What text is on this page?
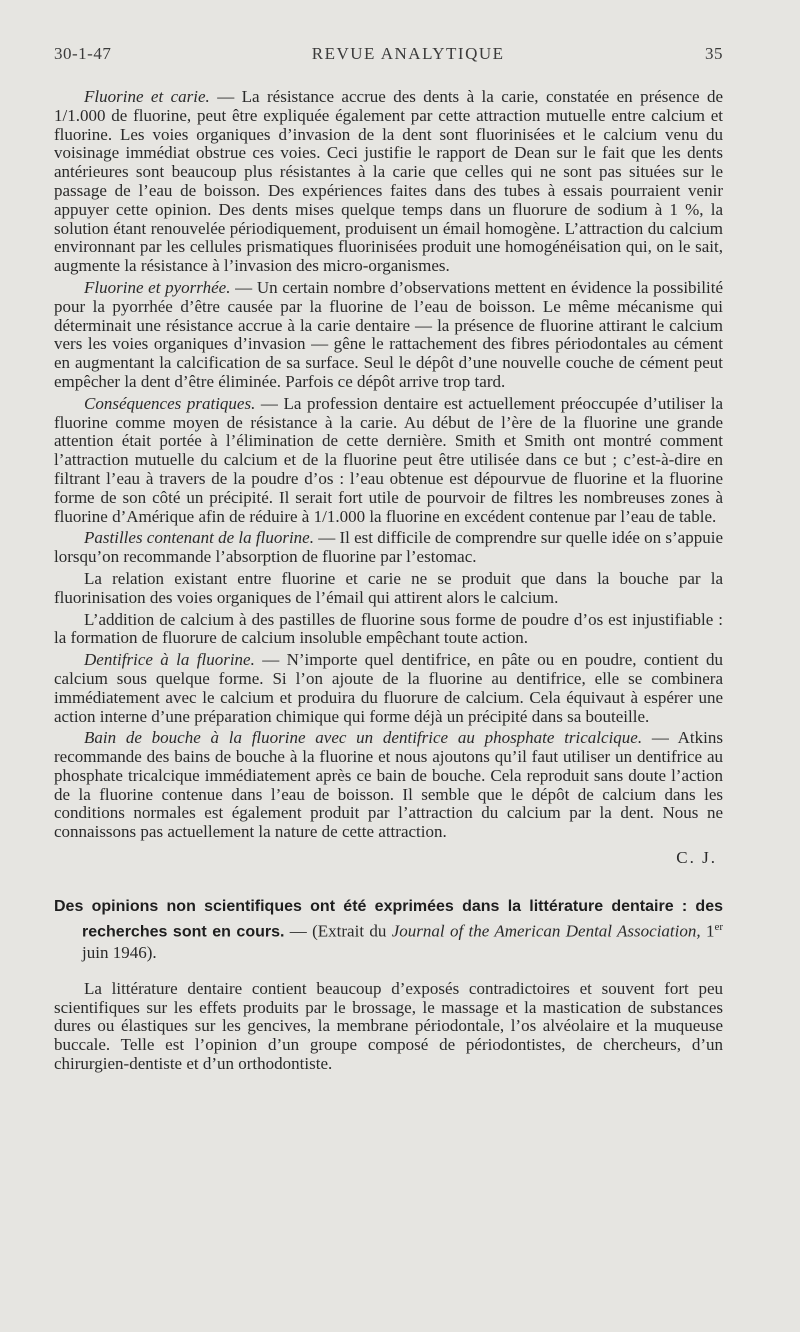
30-1-47	REVUE ANALYTIQUE	35

Fluorine et carie. — La résistance accrue des dents à la carie, constatée en présence de 1/1.000 de fluorine, peut être expliquée également par cette attraction mutuelle entre calcium et fluorine. Les voies organiques d’invasion de la dent sont fluorinisées et le calcium venu du voisinage immédiat obstrue ces voies. Ceci justifie le rapport de Dean sur le fait que les dents antérieures sont beaucoup plus résistantes à la carie que celles qui ne sont pas situées sur le passage de l’eau de boisson. Des expériences faites dans des tubes à essais pourraient venir appuyer cette opinion. Des dents mises quelque temps dans un fluorure de sodium à 1 %, la solution étant renouvelée périodiquement, produisent un émail homogène. L’attraction du calcium environnant par les cellules prismatiques fluorinisées produit une homogénéisation qui, on le sait, augmente la résistance à l’invasion des micro-organismes.

Fluorine et pyorrhée. — Un certain nombre d’observations mettent en évidence la possibilité pour la pyorrhée d’être causée par la fluorine de l’eau de boisson. Le même mécanisme qui déterminait une résistance accrue à la carie dentaire — la présence de fluorine attirant le calcium vers les voies organiques d’invasion — gêne le rattachement des fibres périodontales au cément en augmentant la calcification de sa surface. Seul le dépôt d’une nouvelle couche de cément peut empêcher la dent d’être éliminée. Parfois ce dépôt arrive trop tard.

Conséquences pratiques. — La profession dentaire est actuellement préoccupée d’utiliser la fluorine comme moyen de résistance à la carie. Au début de l’ère de la fluorine une grande attention était portée à l’élimination de cette dernière. Smith et Smith ont montré comment l’attraction mutuelle du calcium et de la fluorine peut être utilisée dans ce but ; c’est-à-dire en filtrant l’eau à travers de la poudre d’os : l’eau obtenue est dépourvue de fluorine et la fluorine forme de son côté un précipité. Il serait fort utile de pourvoir de filtres les nombreuses zones à fluorine d’Amérique afin de réduire à 1/1.000 la fluorine en excédent contenue par l’eau de table.

Pastilles contenant de la fluorine. — Il est difficile de comprendre sur quelle idée on s’appuie lorsqu’on recommande l’absorption de fluorine par l’estomac.

La relation existant entre fluorine et carie ne se produit que dans la bouche par la fluorinisation des voies organiques de l’émail qui attirent alors le calcium.

L’addition de calcium à des pastilles de fluorine sous forme de poudre d’os est injustifiable : la formation de fluorure de calcium insoluble empêchant toute action.

Dentifrice à la fluorine. — N’importe quel dentifrice, en pâte ou en poudre, contient du calcium sous quelque forme. Si l’on ajoute de la fluorine au dentifrice, elle se combinera immédiatement avec le calcium et produira du fluorure de calcium. Cela équivaut à espérer une action interne d’une préparation chimique qui forme déjà un précipité dans sa bouteille.

Bain de bouche à la fluorine avec un dentifrice au phosphate tricalcique. — Atkins recommande des bains de bouche à la fluorine et nous ajoutons qu’il faut utiliser un dentifrice au phosphate tricalcique immédiatement après ce bain de bouche. Cela reproduit sans doute l’action de la fluorine contenue dans l’eau de boisson. Il semble que le dépôt de calcium dans les conditions normales est également produit par l’attraction du calcium par la dent. Nous ne connaissons pas actuellement la nature de cette attraction.

C. J.

Des opinions non scientifiques ont été exprimées dans la littérature dentaire : des recherches sont en cours. — (Extrait du Journal of the American Dental Association, 1er juin 1946).

La littérature dentaire contient beaucoup d’exposés contradictoires et souvent fort peu scientifiques sur les effets produits par le brossage, le massage et la mastication de substances dures ou élastiques sur les gencives, la membrane périodontale, l’os alvéolaire et la muqueuse buccale. Telle est l’opinion d’un groupe composé de périodontistes, de chercheurs, d’un chirurgien-dentiste et d’un orthodontiste.
